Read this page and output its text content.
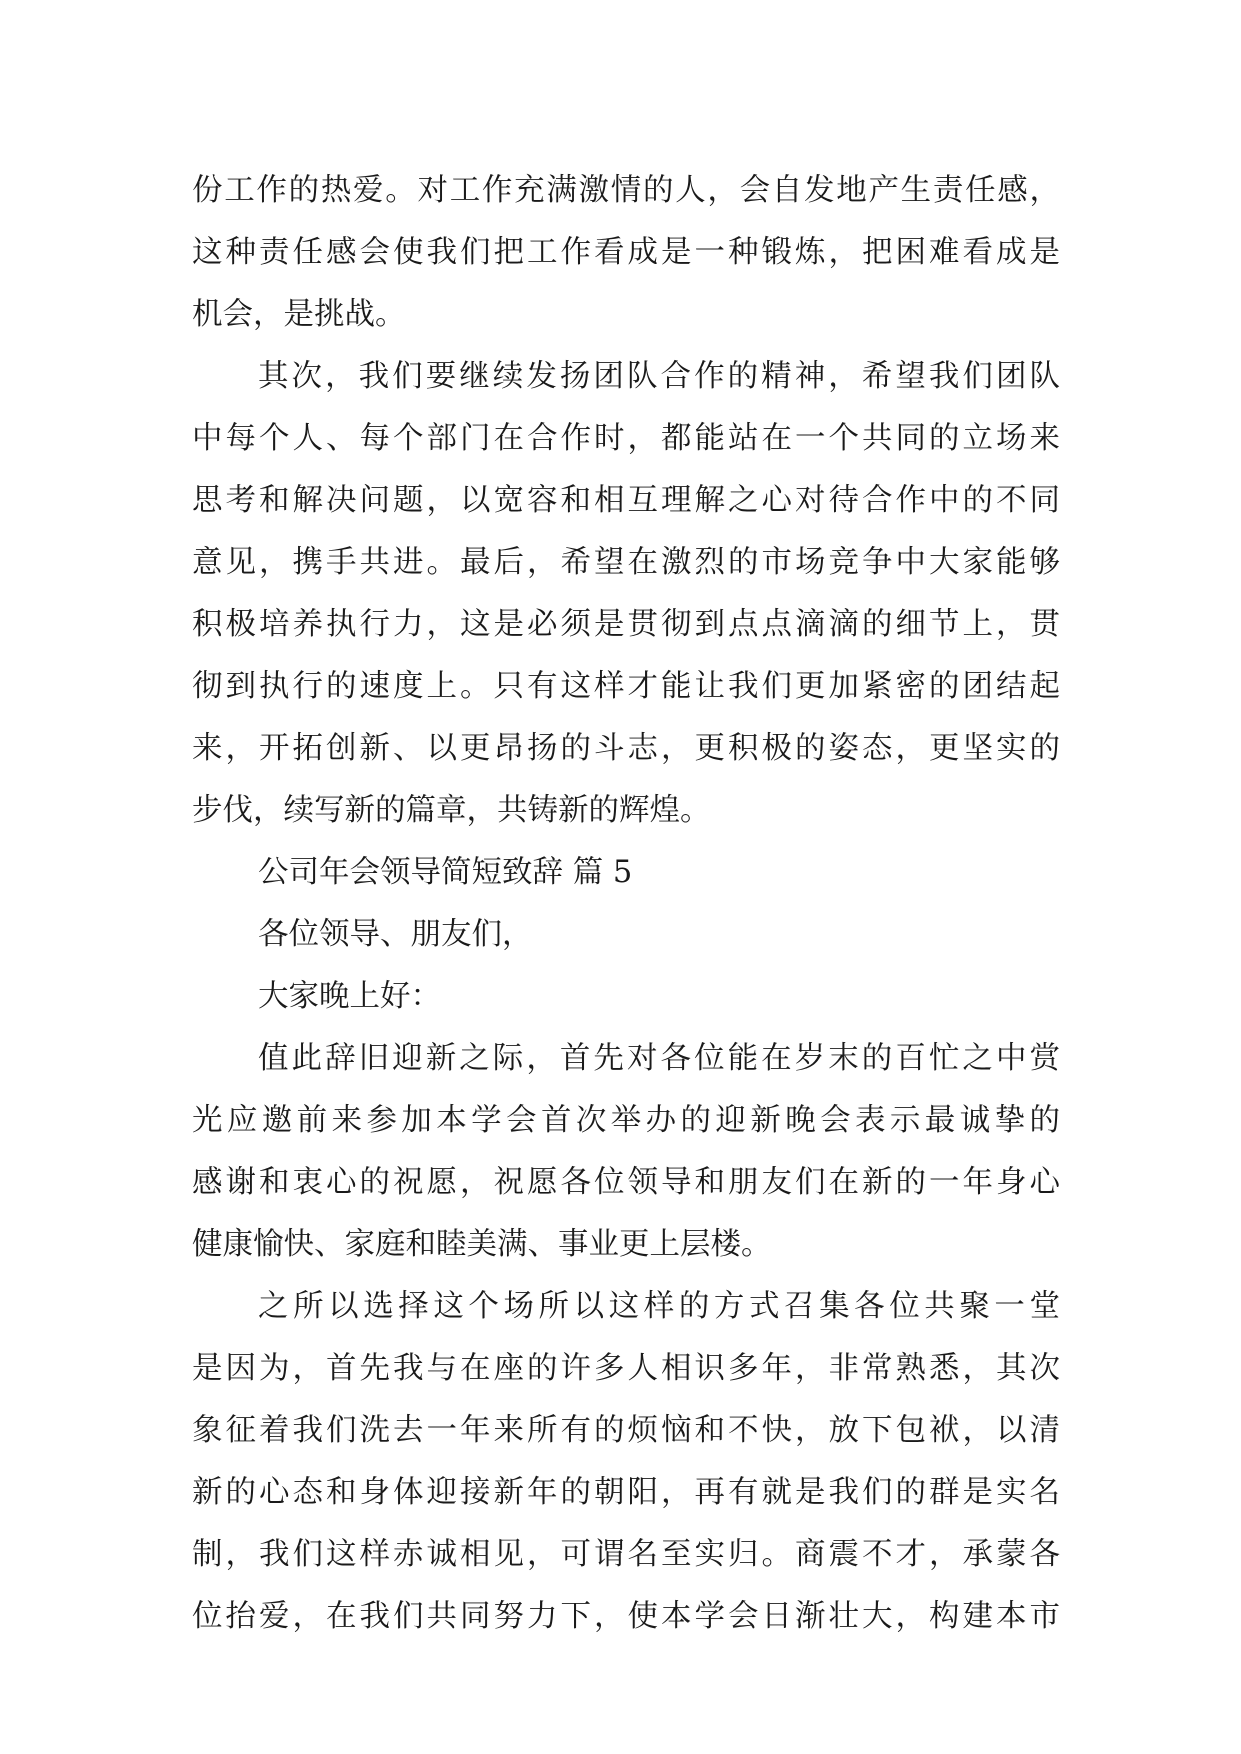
份工作的热爱。对工作充满激情的人，会自发地产生责任感，
这种责任感会使我们把工作看成是一种锻炼，把困难看成是
机会，是挑战。
其次，我们要继续发扬团队合作的精神，希望我们团队
中每个人、每个部门在合作时，都能站在一个共同的立场来
思考和解决问题，以宽容和相互理解之心对待合作中的不同
意见，携手共进。最后，希望在激烈的市场竞争中大家能够
积极培养执行力，这是必须是贯彻到点点滴滴的细节上，贯
彻到执行的速度上。只有这样才能让我们更加紧密的团结起
来，开拓创新、以更昂扬的斗志，更积极的姿态，更坚实的
步伐，续写新的篇章，共铸新的辉煌。
公司年会领导简短致辞 篇 5
各位领导、朋友们，
大家晚上好：
值此辞旧迎新之际，首先对各位能在岁末的百忙之中赏
光应邀前来参加本学会首次举办的迎新晚会表示最诚挚的
感谢和衷心的祝愿，祝愿各位领导和朋友们在新的一年身心
健康愉快、家庭和睦美满、事业更上层楼。
之所以选择这个场所以这样的方式召集各位共聚一堂
是因为，首先我与在座的许多人相识多年，非常熟悉，其次
象征着我们洗去一年来所有的烦恼和不快，放下包袱，以清
新的心态和身体迎接新年的朝阳，再有就是我们的群是实名
制，我们这样赤诚相见，可谓名至实归。商震不才，承蒙各
位抬爱，在我们共同努力下，使本学会日渐壮大，构建本市
